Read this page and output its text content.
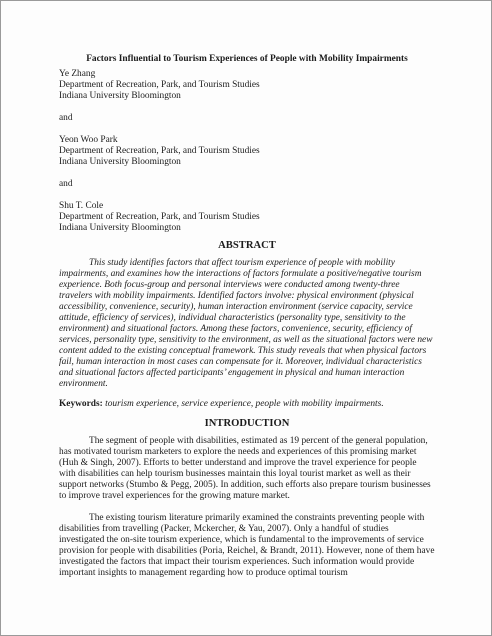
Factors Influential to Tourism Experiences of People with Mobility Impairments
Ye Zhang
Department of Recreation, Park, and Tourism Studies
Indiana University Bloomington
and
Yeon Woo Park
Department of Recreation, Park, and Tourism Studies
Indiana University Bloomington
and
Shu T. Cole
Department of Recreation, Park, and Tourism Studies
Indiana University Bloomington
ABSTRACT

This study identifies factors that affect tourism experience of people with mobility impairments, and examines how the interactions of factors formulate a positive/negative tourism experience. Both focus-group and personal interviews were conducted among twenty-three travelers with mobility impairments. Identified factors involve: physical environment (physical accessibility, convenience, security), human interaction environment (service capacity, service attitude, efficiency of services), individual characteristics (personality type, sensitivity to the environment) and situational factors. Among these factors, convenience, security, efficiency of services, personality type, sensitivity to the environment, as well as the situational factors were new content added to the existing conceptual framework. This study reveals that when physical factors fail, human interaction in most cases can compensate for it. Moreover, individual characteristics and situational factors affected participants’ engagement in physical and human interaction environment.

Keywords: tourism experience, service experience, people with mobility impairments.
INTRODUCTION

The segment of people with disabilities, estimated as 19 percent of the general population, has motivated tourism marketers to explore the needs and experiences of this promising market (Huh & Singh, 2007). Efforts to better understand and improve the travel experience for people with disabilities can help tourism businesses maintain this loyal tourist market as well as their support networks (Stumbo & Pegg, 2005). In addition, such efforts also prepare tourism businesses to improve travel experiences for the growing mature market.

The existing tourism literature primarily examined the constraints preventing people with disabilities from travelling (Packer, Mckercher, & Yau, 2007). Only a handful of studies investigated the on-site tourism experience, which is fundamental to the improvements of service provision for people with disabilities (Poria, Reichel, & Brandt, 2011). However, none of them have investigated the factors that impact their tourism experiences. Such information would provide important insights to management regarding how to produce optimal tourism
